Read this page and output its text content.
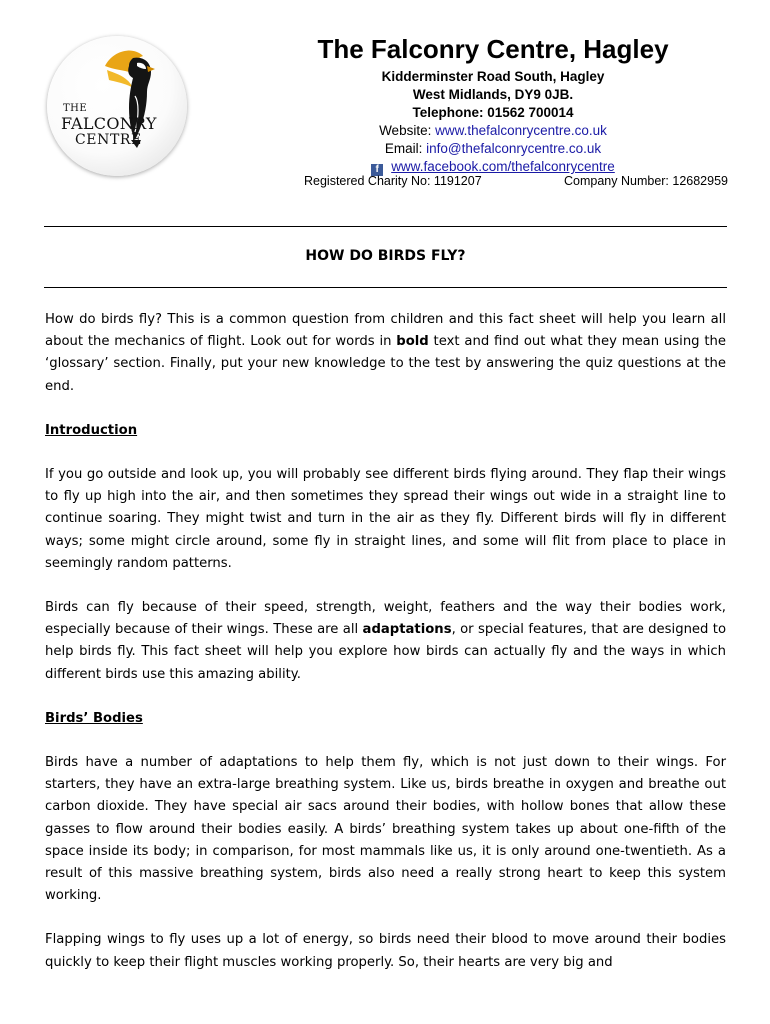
THE
FALCONRY
CENTRE
The Falconry Centre, Hagley
Kidderminster Road South, Hagley
West Midlands, DY9 0JB.
Telephone: 01562 700014
Website: www.thefalconrycentre.co.uk
Email: info@thefalconrycentre.co.uk
f www.facebook.com/thefalconrycentre
Registered Charity No: 1191207	Company Number: 12682959
HOW DO BIRDS FLY?

How do birds fly? This is a common question from children and this fact sheet will help you learn all about the mechanics of flight. Look out for words in bold text and find out what they mean using the ‘glossary’ section. Finally, put your new knowledge to the test by answering the quiz questions at the end.

Introduction

If you go outside and look up, you will probably see different birds flying around. They flap their wings to fly up high into the air, and then sometimes they spread their wings out wide in a straight line to continue soaring. They might twist and turn in the air as they fly. Different birds will fly in different ways; some might circle around, some fly in straight lines, and some will flit from place to place in seemingly random patterns.

Birds can fly because of their speed, strength, weight, feathers and the way their bodies work, especially because of their wings. These are all adaptations, or special features, that are designed to help birds fly. This fact sheet will help you explore how birds can actually fly and the ways in which different birds use this amazing ability.

Birds’ Bodies

Birds have a number of adaptations to help them fly, which is not just down to their wings. For starters, they have an extra-large breathing system. Like us, birds breathe in oxygen and breathe out carbon dioxide. They have special air sacs around their bodies, with hollow bones that allow these gasses to flow around their bodies easily. A birds’ breathing system takes up about one-fifth of the space inside its body; in comparison, for most mammals like us, it is only around one-twentieth. As a result of this massive breathing system, birds also need a really strong heart to keep this system working.

Flapping wings to fly uses up a lot of energy, so birds need their blood to move around their bodies quickly to keep their flight muscles working properly. So, their hearts are very big and
